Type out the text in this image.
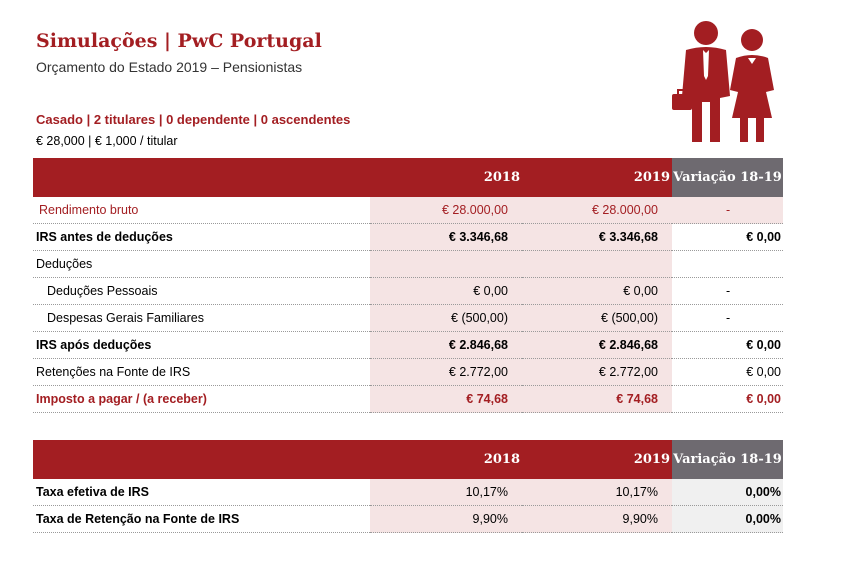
Simulações | PwC Portugal
Orçamento do Estado 2019 – Pensionistas
Casado | 2 titulares | 0 dependente | 0 ascendentes
€ 28,000 | € 1,000 / titular
	2018	2019	Variação 18-19
Rendimento bruto	€ 28.000,00	€ 28.000,00	-
IRS antes de deduções	€ 3.346,68	€ 3.346,68	€ 0,00
Deduções			
Deduções Pessoais	€ 0,00	€ 0,00	-
Despesas Gerais Familiares	€ (500,00)	€ (500,00)	-
IRS após deduções	€ 2.846,68	€ 2.846,68	€ 0,00
Retenções na Fonte de IRS	€ 2.772,00	€ 2.772,00	€ 0,00
Imposto a pagar / (a receber)	€ 74,68	€ 74,68	€ 0,00
	2018	2019	Variação 18-19
Taxa efetiva de IRS	10,17%	10,17%	0,00%
Taxa de Retenção na Fonte de IRS	9,90%	9,90%	0,00%
